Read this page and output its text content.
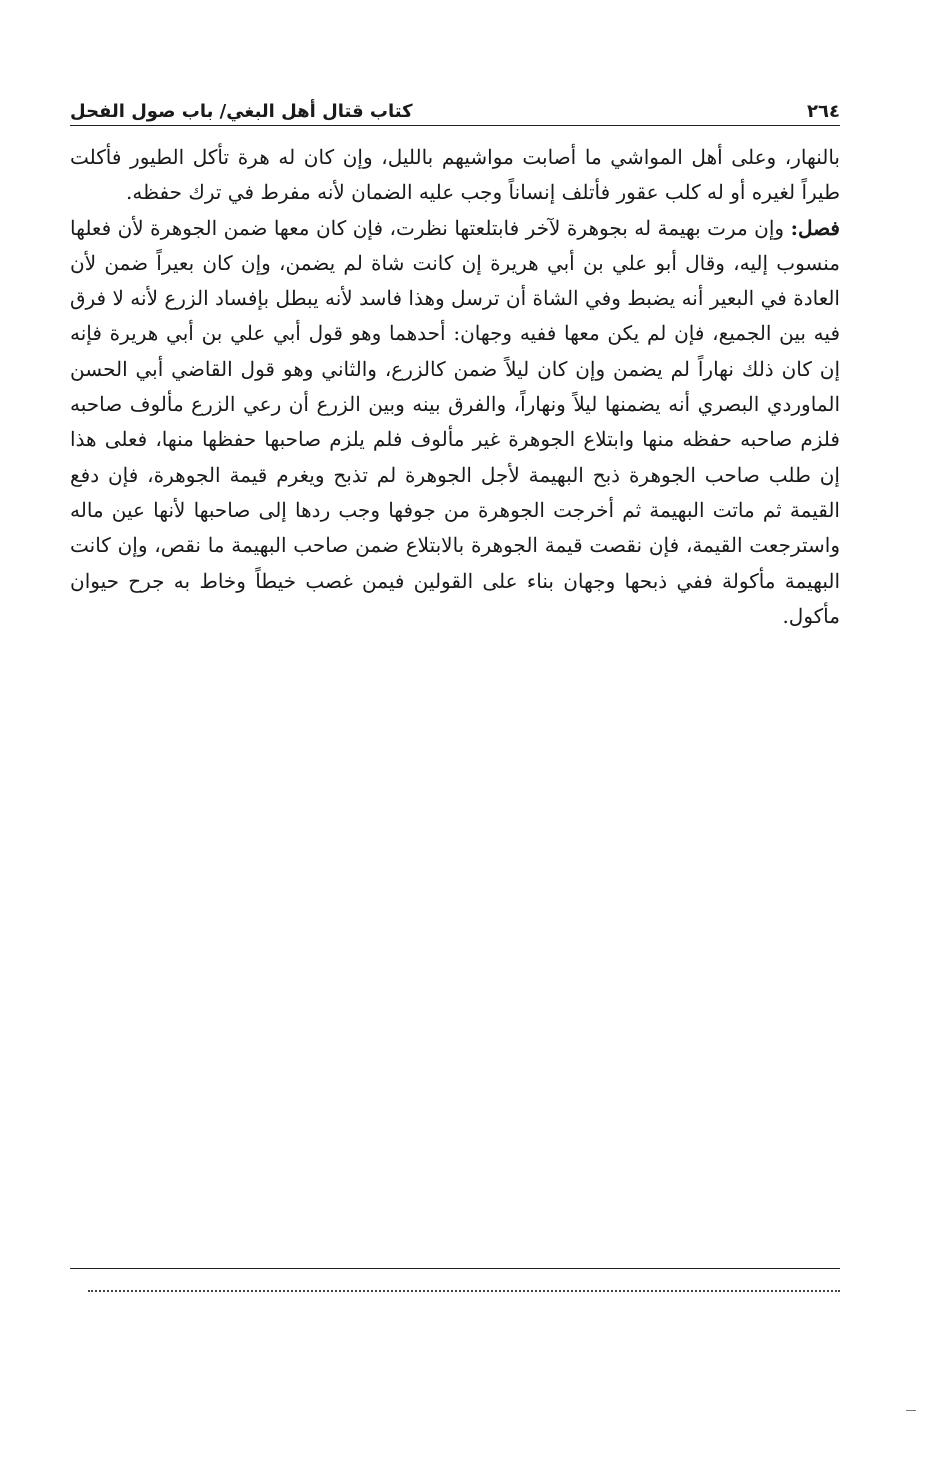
٢٦٤
كتاب قتال أهل البغي/ باب صول الفحل

بالنهار، وعلى أهل المواشي ما أصابت مواشيهم بالليل، وإن كان له هرة تأكل الطيور فأكلت طيراً لغيره أو له كلب عقور فأتلف إنساناً وجب عليه الضمان لأنه مفرط في ترك حفظه.

فصل: وإن مرت بهيمة له بجوهرة لآخر فابتلعتها نظرت، فإن كان معها ضمن الجوهرة لأن فعلها منسوب إليه، وقال أبو علي بن أبي هريرة إن كانت شاة لم يضمن، وإن كان بعيراً ضمن لأن العادة في البعير أنه يضبط وفي الشاة أن ترسل وهذا فاسد لأنه يبطل بإفساد الزرع لأنه لا فرق فيه بين الجميع، فإن لم يكن معها ففيه وجهان: أحدهما وهو قول أبي علي بن أبي هريرة فإنه إن كان ذلك نهاراً لم يضمن وإن كان ليلاً ضمن كالزرع، والثاني وهو قول القاضي أبي الحسن الماوردي البصري أنه يضمنها ليلاً ونهاراً، والفرق بينه وبين الزرع أن رعي الزرع مألوف صاحبه فلزم صاحبه حفظه منها وابتلاع الجوهرة غير مألوف فلم يلزم صاحبها حفظها منها، فعلى هذا إن طلب صاحب الجوهرة ذبح البهيمة لأجل الجوهرة لم تذبح ويغرم قيمة الجوهرة، فإن دفع القيمة ثم ماتت البهيمة ثم أخرجت الجوهرة من جوفها وجب ردها إلى صاحبها لأنها عين ماله واسترجعت القيمة، فإن نقصت قيمة الجوهرة بالابتلاع ضمن صاحب البهيمة ما نقص، وإن كانت البهيمة مأكولة ففي ذبحها وجهان بناء على القولين فيمن غصب خيطاً وخاط به جرح حيوان مأكول.
